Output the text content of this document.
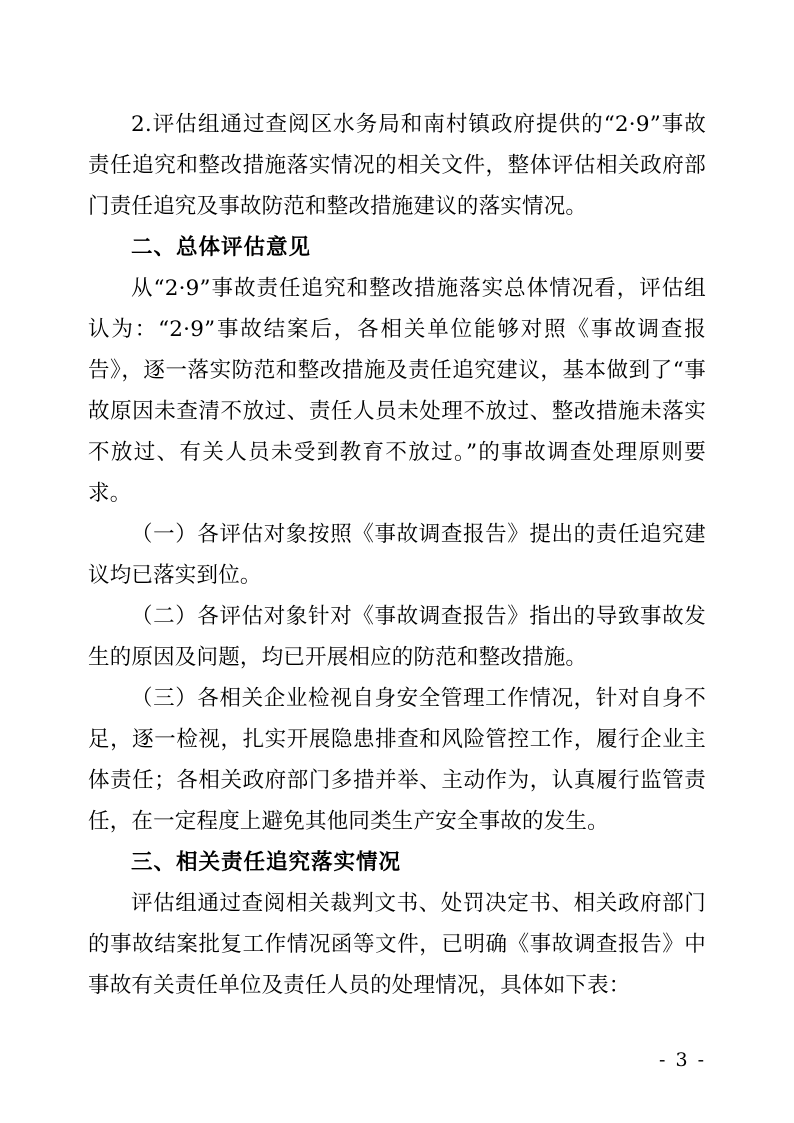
2.评估组通过查阅区水务局和南村镇政府提供的“2·9”事故责任追究和整改措施落实情况的相关文件，整体评估相关政府部门责任追究及事故防范和整改措施建议的落实情况。

二、总体评估意见

从“2·9”事故责任追究和整改措施落实总体情况看，评估组认为：“2·9”事故结案后，各相关单位能够对照《事故调查报告》，逐一落实防范和整改措施及责任追究建议，基本做到了“事故原因未查清不放过、责任人员未处理不放过、整改措施未落实不放过、有关人员未受到教育不放过。”的事故调查处理原则要求。

（一）各评估对象按照《事故调查报告》提出的责任追究建议均已落实到位。

（二）各评估对象针对《事故调查报告》指出的导致事故发生的原因及问题，均已开展相应的防范和整改措施。

（三）各相关企业检视自身安全管理工作情况，针对自身不足，逐一检视，扎实开展隐患排查和风险管控工作，履行企业主体责任；各相关政府部门多措并举、主动作为，认真履行监管责任，在一定程度上避免其他同类生产安全事故的发生。

三、相关责任追究落实情况

评估组通过查阅相关裁判文书、处罚决定书、相关政府部门的事故结案批复工作情况函等文件，已明确《事故调查报告》中事故有关责任单位及责任人员的处理情况，具体如下表：

- 3 -
